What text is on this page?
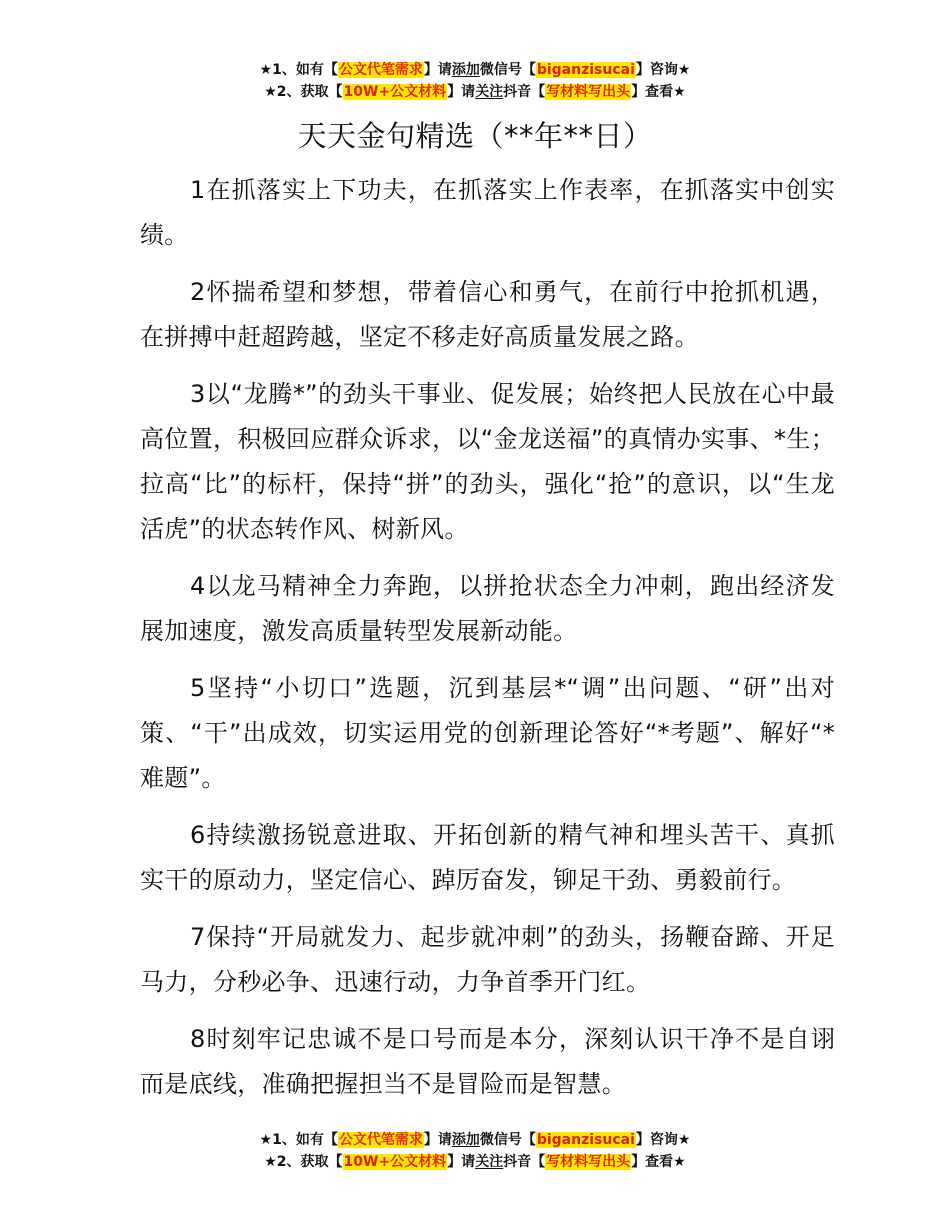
★1、如有【公文代笔需求】请添加微信号【biganzisucai】咨询★
★2、获取【10W+公文材料】请关注抖音【写材料写出头】查看★
天天金句精选（**年**日）

1在抓落实上下功夫，在抓落实上作表率，在抓落实中创实绩。

2怀揣希望和梦想，带着信心和勇气，在前行中抢抓机遇，在拼搏中赶超跨越，坚定不移走好高质量发展之路。

3以“龙腾*”的劲头干事业、促发展；始终把人民放在心中最高位置，积极回应群众诉求，以“金龙送福”的真情办实事、*生；拉高“比”的标杆，保持“拼”的劲头，强化“抢”的意识，以“生龙活虎”的状态转作风、树新风。

4以龙马精神全力奔跑，以拼抢状态全力冲刺，跑出经济发展加速度，激发高质量转型发展新动能。

5坚持“小切口”选题，沉到基层*“调”出问题、“研”出对策、“干”出成效，切实运用党的创新理论答好“*考题”、解好“*难题”。

6持续激扬锐意进取、开拓创新的精气神和埋头苦干、真抓实干的原动力，坚定信心、踔厉奋发，铆足干劲、勇毅前行。

7保持“开局就发力、起步就冲刺”的劲头，扬鞭奋蹄、开足马力，分秒必争、迅速行动，力争首季开门红。

8时刻牢记忠诚不是口号而是本分，深刻认识干净不是自诩而是底线，准确把握担当不是冒险而是智慧。

★1、如有【公文代笔需求】请添加微信号【biganzisucai】咨询★
★2、获取【10W+公文材料】请关注抖音【写材料写出头】查看★
